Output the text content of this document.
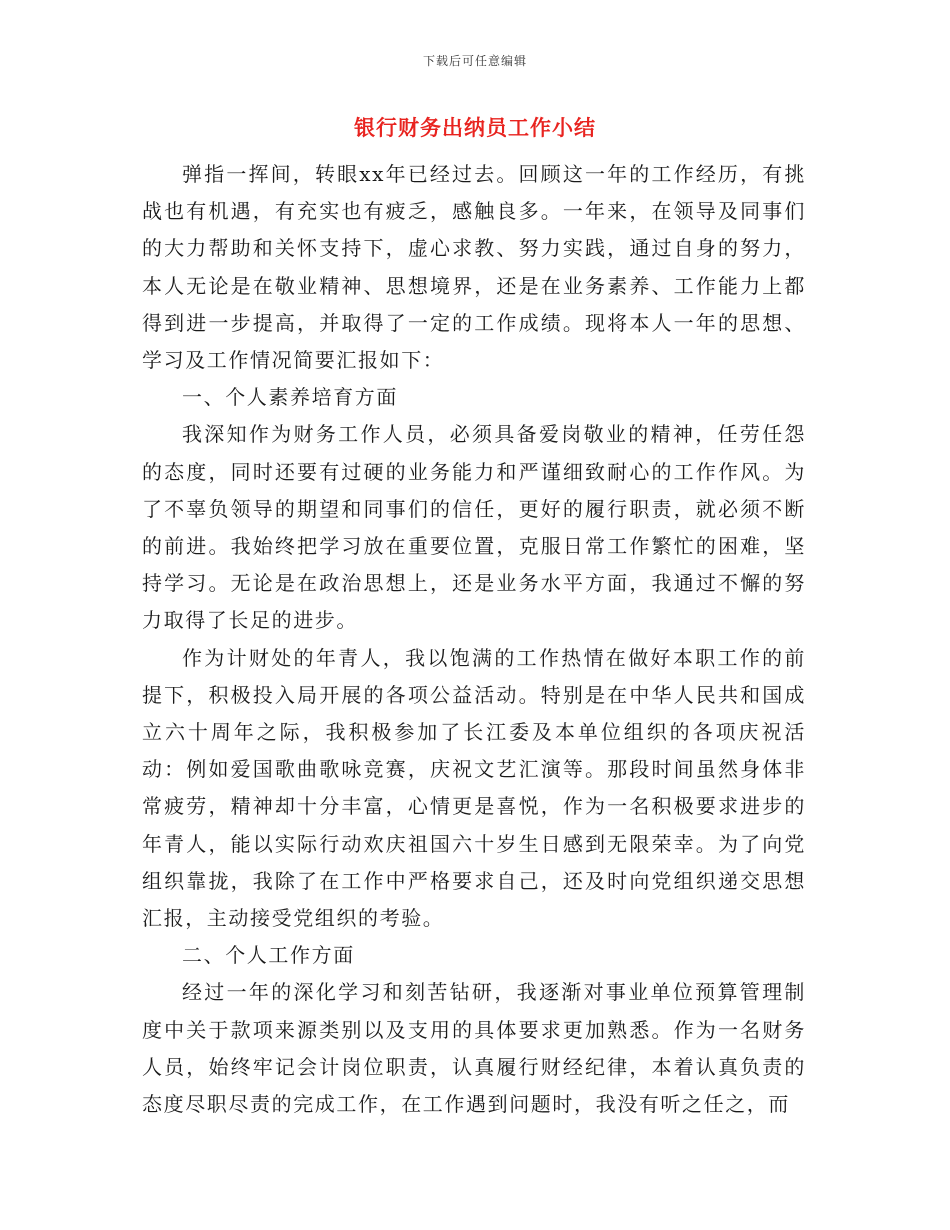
下载后可任意编辑
银行财务出纳员工作小结

弹指一挥间，转眼xx年已经过去。回顾这一年的工作经历，有挑战也有机遇，有充实也有疲乏，感触良多。一年来，在领导及同事们的大力帮助和关怀支持下，虚心求教、努力实践，通过自身的努力，本人无论是在敬业精神、思想境界，还是在业务素养、工作能力上都得到进一步提高，并取得了一定的工作成绩。现将本人一年的思想、学习及工作情况简要汇报如下：

一、个人素养培育方面

我深知作为财务工作人员，必须具备爱岗敬业的精神，任劳任怨的态度，同时还要有过硬的业务能力和严谨细致耐心的工作作风。为了不辜负领导的期望和同事们的信任，更好的履行职责，就必须不断的前进。我始终把学习放在重要位置，克服日常工作繁忙的困难，坚持学习。无论是在政治思想上，还是业务水平方面，我通过不懈的努力取得了长足的进步。

作为计财处的年青人，我以饱满的工作热情在做好本职工作的前提下，积极投入局开展的各项公益活动。特别是在中华人民共和国成立六十周年之际，我积极参加了长江委及本单位组织的各项庆祝活动：例如爱国歌曲歌咏竞赛，庆祝文艺汇演等。那段时间虽然身体非常疲劳，精神却十分丰富，心情更是喜悦，作为一名积极要求进步的年青人，能以实际行动欢庆祖国六十岁生日感到无限荣幸。为了向党组织靠拢，我除了在工作中严格要求自己，还及时向党组织递交思想汇报，主动接受党组织的考验。

二、个人工作方面

经过一年的深化学习和刻苦钻研，我逐渐对事业单位预算管理制度中关于款项来源类别以及支用的具体要求更加熟悉。作为一名财务人员，始终牢记会计岗位职责，认真履行财经纪律，本着认真负责的态度尽职尽责的完成工作，在工作遇到问题时，我没有听之任之，而
